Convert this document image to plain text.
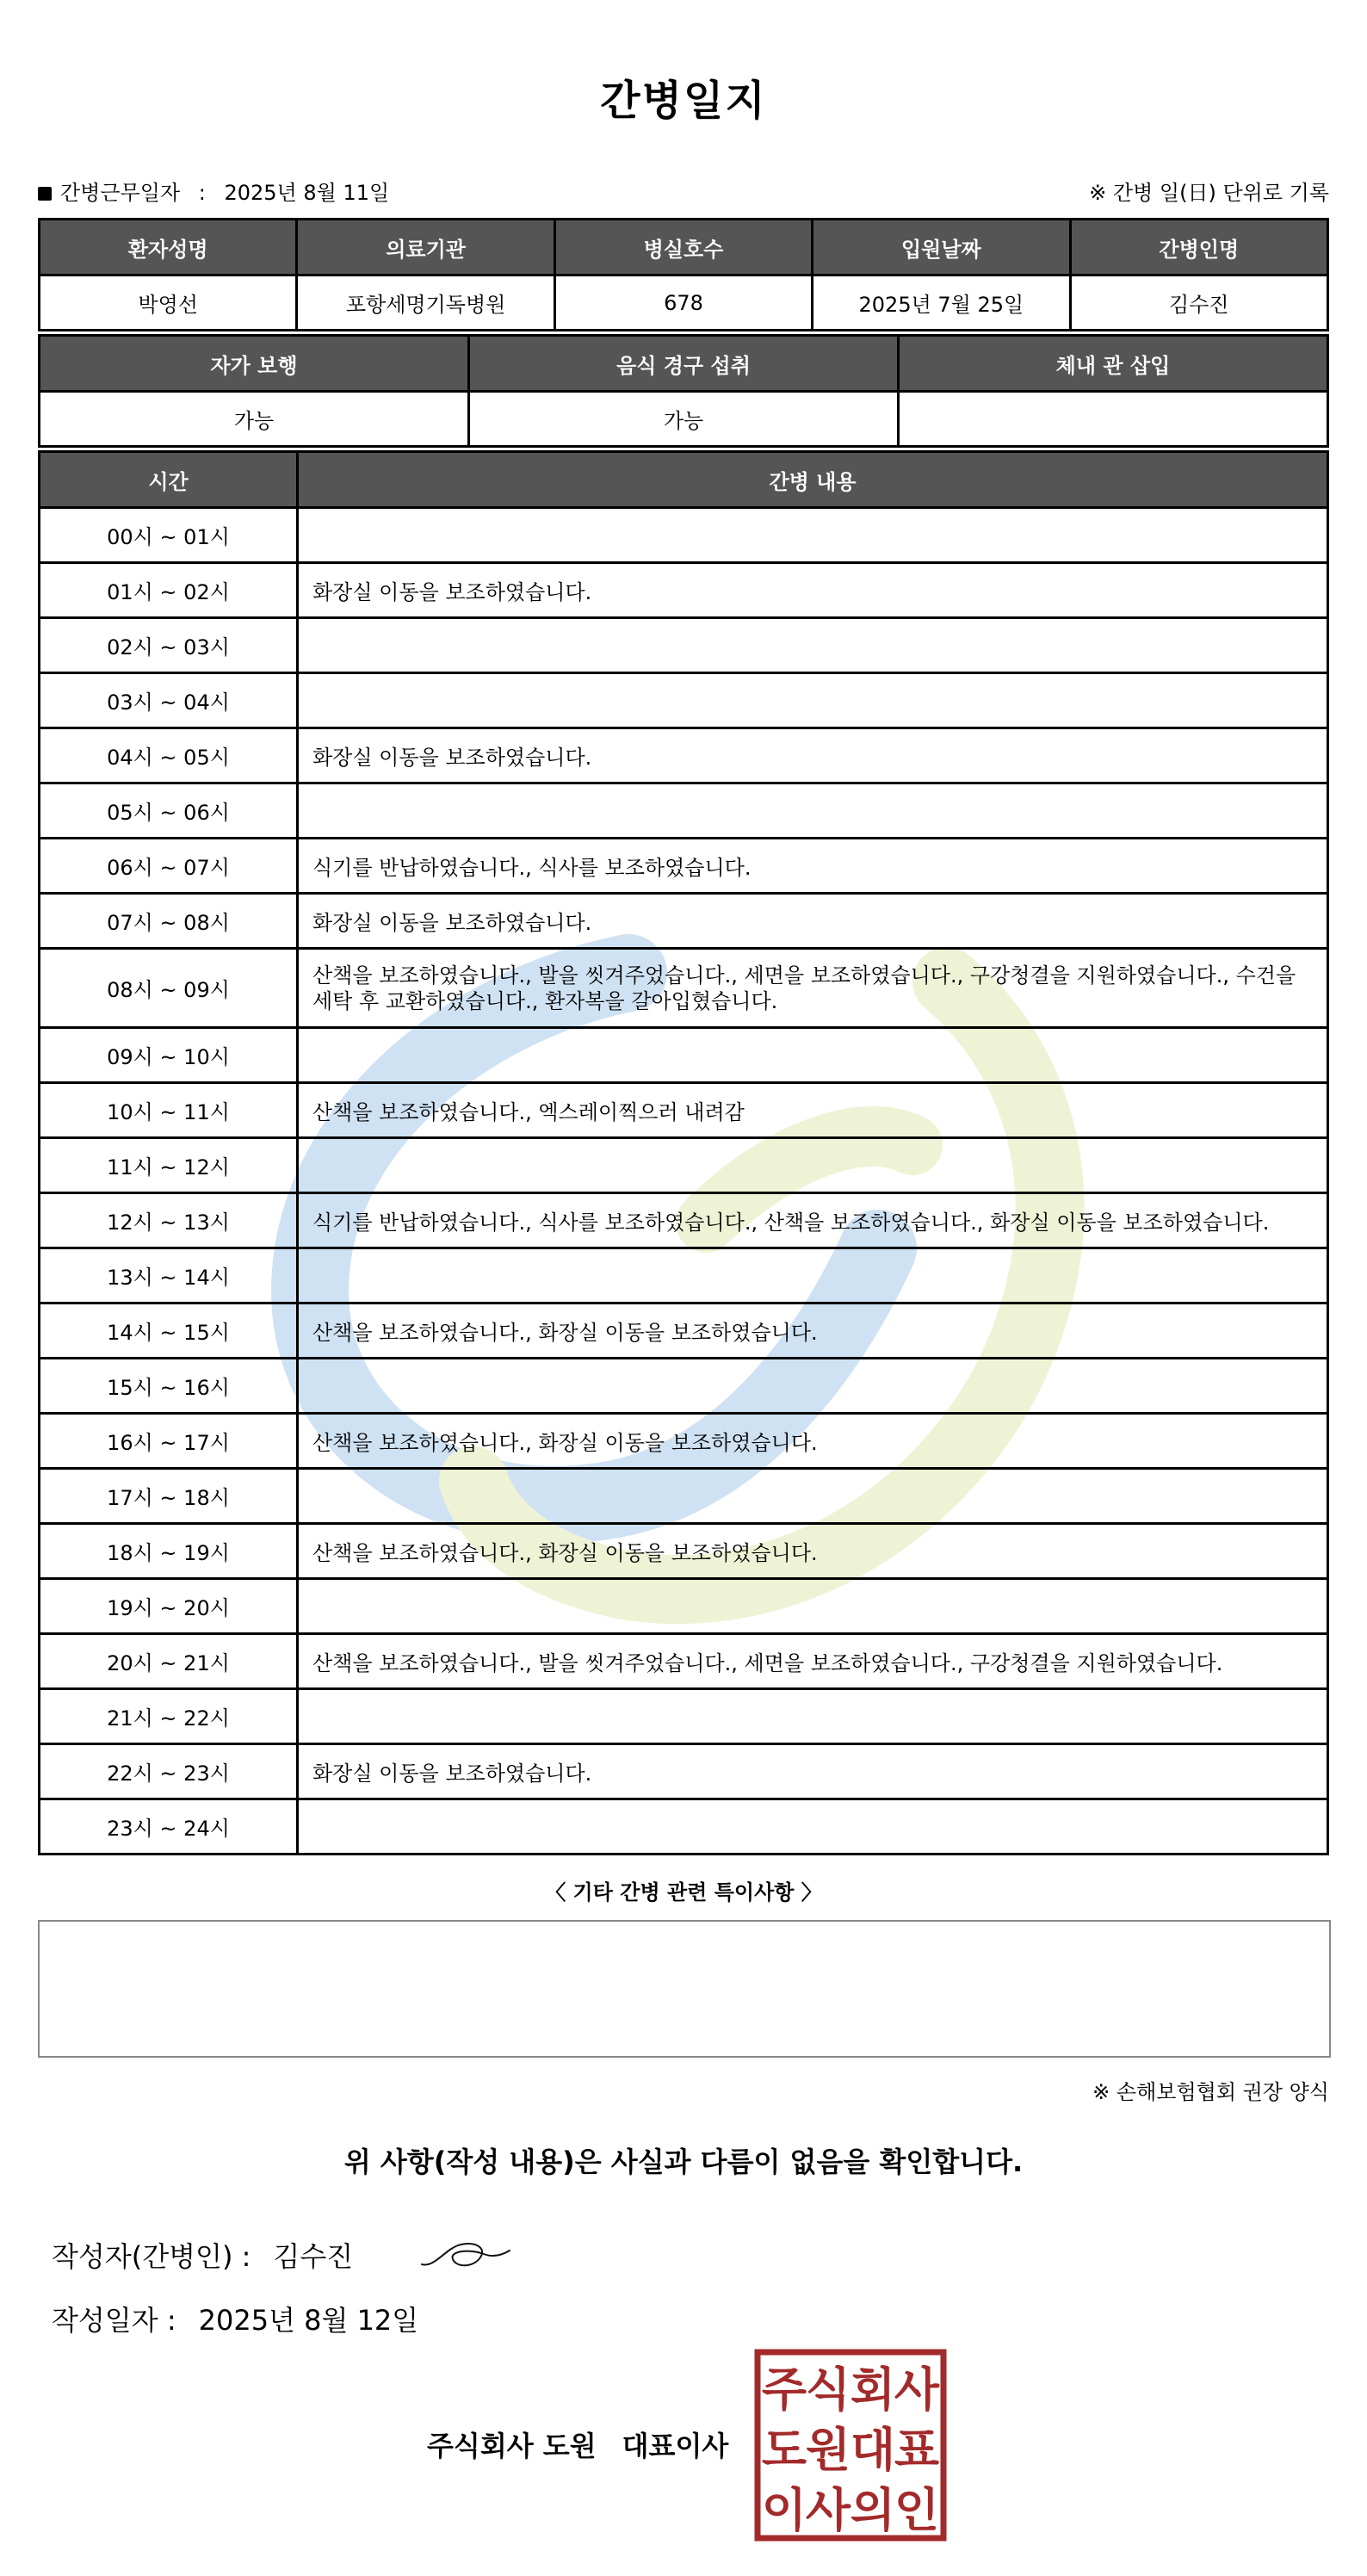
간병일지
간병근무일자 : 2025년 8월 11일	※ 간병 일(日) 단위로 기록
환자성명	의료기관	병실호수	입원날짜	간병인명
박영선	포항세명기독병원	678	2025년 7월 25일	김수진
자가 보행	음식 경구 섭취	체내 관 삽입
가능	가능	
시간	간병 내용
00시 ~ 01시	
01시 ~ 02시	화장실 이동을 보조하였습니다.
02시 ~ 03시	
03시 ~ 04시	
04시 ~ 05시	화장실 이동을 보조하였습니다.
05시 ~ 06시	
06시 ~ 07시	식기를 반납하였습니다., 식사를 보조하였습니다.
07시 ~ 08시	화장실 이동을 보조하였습니다.
08시 ~ 09시	산책을 보조하였습니다., 발을 씻겨주었습니다., 세면을 보조하였습니다., 구강청결을 지원하였습니다., 수건을 세탁 후 교환하였습니다., 환자복을 갈아입혔습니다.
09시 ~ 10시	
10시 ~ 11시	산책을 보조하였습니다., 엑스레이찍으러 내려감
11시 ~ 12시	
12시 ~ 13시	식기를 반납하였습니다., 식사를 보조하였습니다., 산책을 보조하였습니다., 화장실 이동을 보조하였습니다.
13시 ~ 14시	
14시 ~ 15시	산책을 보조하였습니다., 화장실 이동을 보조하였습니다.
15시 ~ 16시	
16시 ~ 17시	산책을 보조하였습니다., 화장실 이동을 보조하였습니다.
17시 ~ 18시	
18시 ~ 19시	산책을 보조하였습니다., 화장실 이동을 보조하였습니다.
19시 ~ 20시	
20시 ~ 21시	산책을 보조하였습니다., 발을 씻겨주었습니다., 세면을 보조하였습니다., 구강청결을 지원하였습니다.
21시 ~ 22시	
22시 ~ 23시	화장실 이동을 보조하였습니다.
23시 ~ 24시	
〈 기타 간병 관련 특이사항 〉
※ 손해보험협회 권장 양식
위 사항(작성 내용)은 사실과 다름이 없음을 확인합니다.
작성자(간병인) : 김수진
작성일자 : 2025년 8월 12일
주식회사 도원 대표이사
주
식 회
사
도
원 대
표
이
사 의
인
